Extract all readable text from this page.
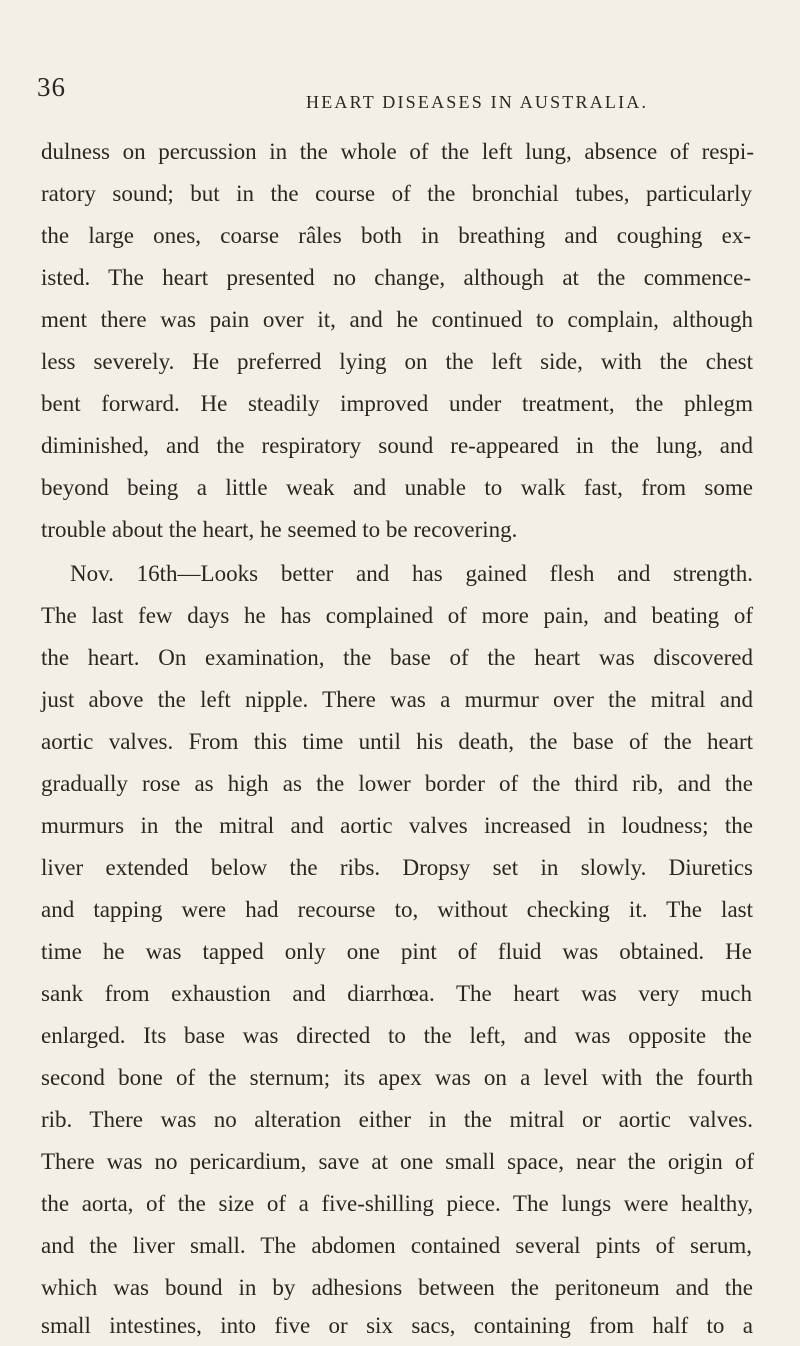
36	HEART DISEASES IN AUSTRALIA.
dulness on percussion in the whole of the left lung, absence of respi-
ratory sound; but in the course of the bronchial tubes, particularly
the large ones, coarse râles both in breathing and coughing ex-
isted. The heart presented no change, although at the commence-
ment there was pain over it, and he continued to complain, although
less severely. He preferred lying on the left side, with the chest
bent forward. He steadily improved under treatment, the phlegm
diminished, and the respiratory sound re-appeared in the lung, and
beyond being a little weak and unable to walk fast, from some
trouble about the heart, he seemed to be recovering.
Nov. 16th—Looks better and has gained flesh and strength.
The last few days he has complained of more pain, and beating of
the heart. On examination, the base of the heart was discovered
just above the left nipple. There was a murmur over the mitral and
aortic valves. From this time until his death, the base of the heart
gradually rose as high as the lower border of the third rib, and the
murmurs in the mitral and aortic valves increased in loudness; the
liver extended below the ribs. Dropsy set in slowly. Diuretics
and tapping were had recourse to, without checking it. The last
time he was tapped only one pint of fluid was obtained. He
sank from exhaustion and diarrhœa. The heart was very much
enlarged. Its base was directed to the left, and was opposite the
second bone of the sternum; its apex was on a level with the fourth
rib. There was no alteration either in the mitral or aortic valves.
There was no pericardium, save at one small space, near the origin of
the aorta, of the size of a five-shilling piece. The lungs were healthy,
and the liver small. The abdomen contained several pints of serum,
which was bound in by adhesions between the peritoneum and the
small intestines, into five or six sacs, containing from half to a
